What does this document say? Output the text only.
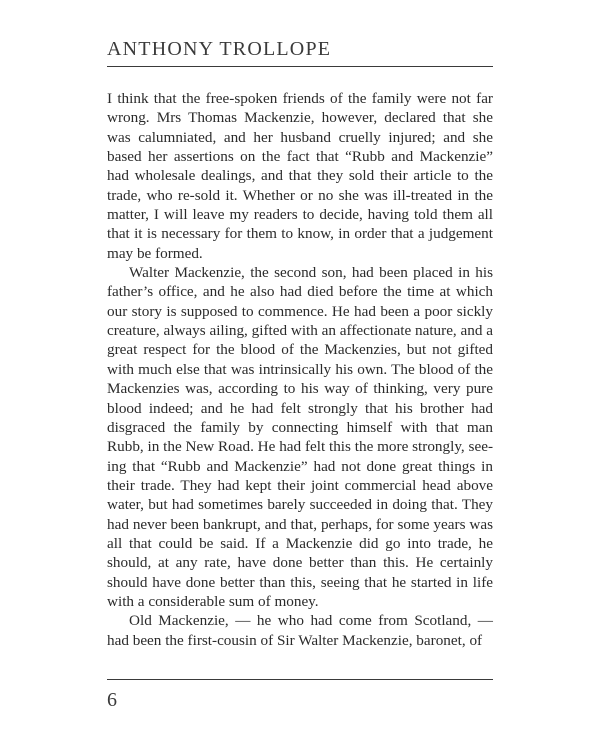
ANTHONY TROLLOPE

I think that the free-spoken friends of the family were not far wrong. Mrs Thomas Mackenzie, however, declared that she was calumniated, and her husband cruelly injured; and she based her assertions on the fact that “Rubb and Mackenzie” had wholesale dealings, and that they sold their article to the trade, who re-sold it. Whether or no she was ill-treated in the matter, I will leave my readers to decide, having told them all that it is necessary for them to know, in order that a judgement may be formed.

Walter Mackenzie, the second son, had been placed in his father’s office, and he also had died before the time at which our story is supposed to commence. He had been a poor sickly creature, always ailing, gifted with an affectionate nature, and a great respect for the blood of the Mackenzies, but not gifted with much else that was intrinsically his own. The blood of the Mackenzies was, according to his way of thinking, very pure blood indeed; and he had felt strongly that his brother had disgraced the family by connecting himself with that man Rubb, in the New Road. He had felt this the more strongly, seeing that “Rubb and Mackenzie” had not done great things in their trade. They had kept their joint commercial head above water, but had sometimes barely succeeded in doing that. They had never been bankrupt, and that, perhaps, for some years was all that could be said. If a Mackenzie did go into trade, he should, at any rate, have done better than this. He certainly should have done better than this, seeing that he started in life with a considerable sum of money.

Old Mackenzie, — he who had come from Scotland, — had been the first-cousin of Sir Walter Mackenzie, baronet, of

6
